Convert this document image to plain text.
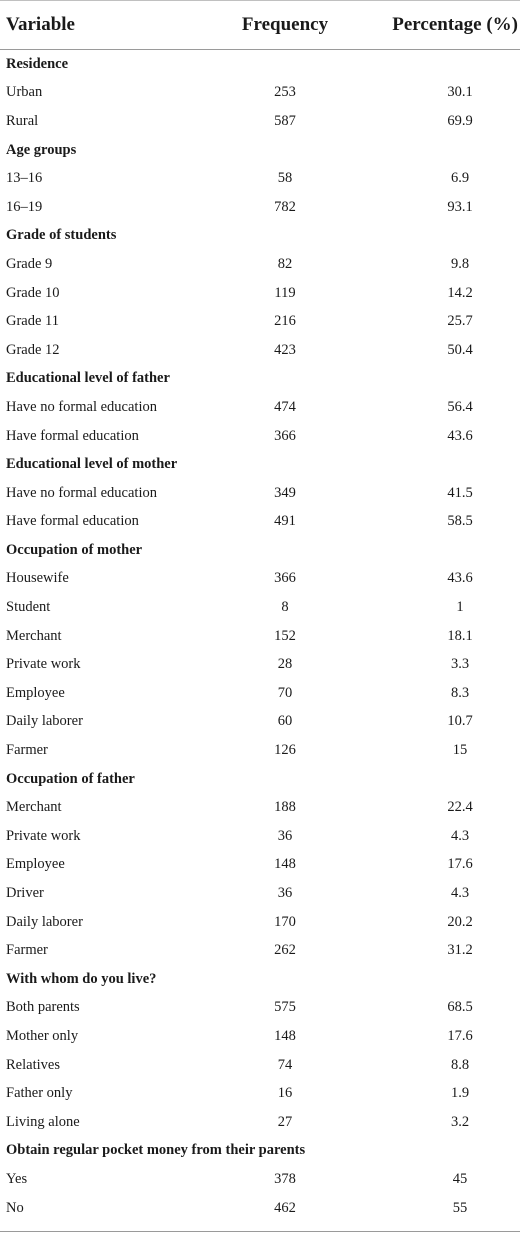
Variable	Frequency	Percentage (%)
Residence		
Urban	253	30.1
Rural	587	69.9
Age groups		
13–16	58	6.9
16–19	782	93.1
Grade of students		
Grade 9	82	9.8
Grade 10	119	14.2
Grade 11	216	25.7
Grade 12	423	50.4
Educational level of father		
Have no formal education	474	56.4
Have formal education	366	43.6
Educational level of mother		
Have no formal education	349	41.5
Have formal education	491	58.5
Occupation of mother		
Housewife	366	43.6
Student	8	1
Merchant	152	18.1
Private work	28	3.3
Employee	70	8.3
Daily laborer	60	10.7
Farmer	126	15
Occupation of father		
Merchant	188	22.4
Private work	36	4.3
Employee	148	17.6
Driver	36	4.3
Daily laborer	170	20.2
Farmer	262	31.2
With whom do you live?		
Both parents	575	68.5
Mother only	148	17.6
Relatives	74	8.8
Father only	16	1.9
Living alone	27	3.2
Obtain regular pocket money from their parents		
Yes	378	45
No	462	55
